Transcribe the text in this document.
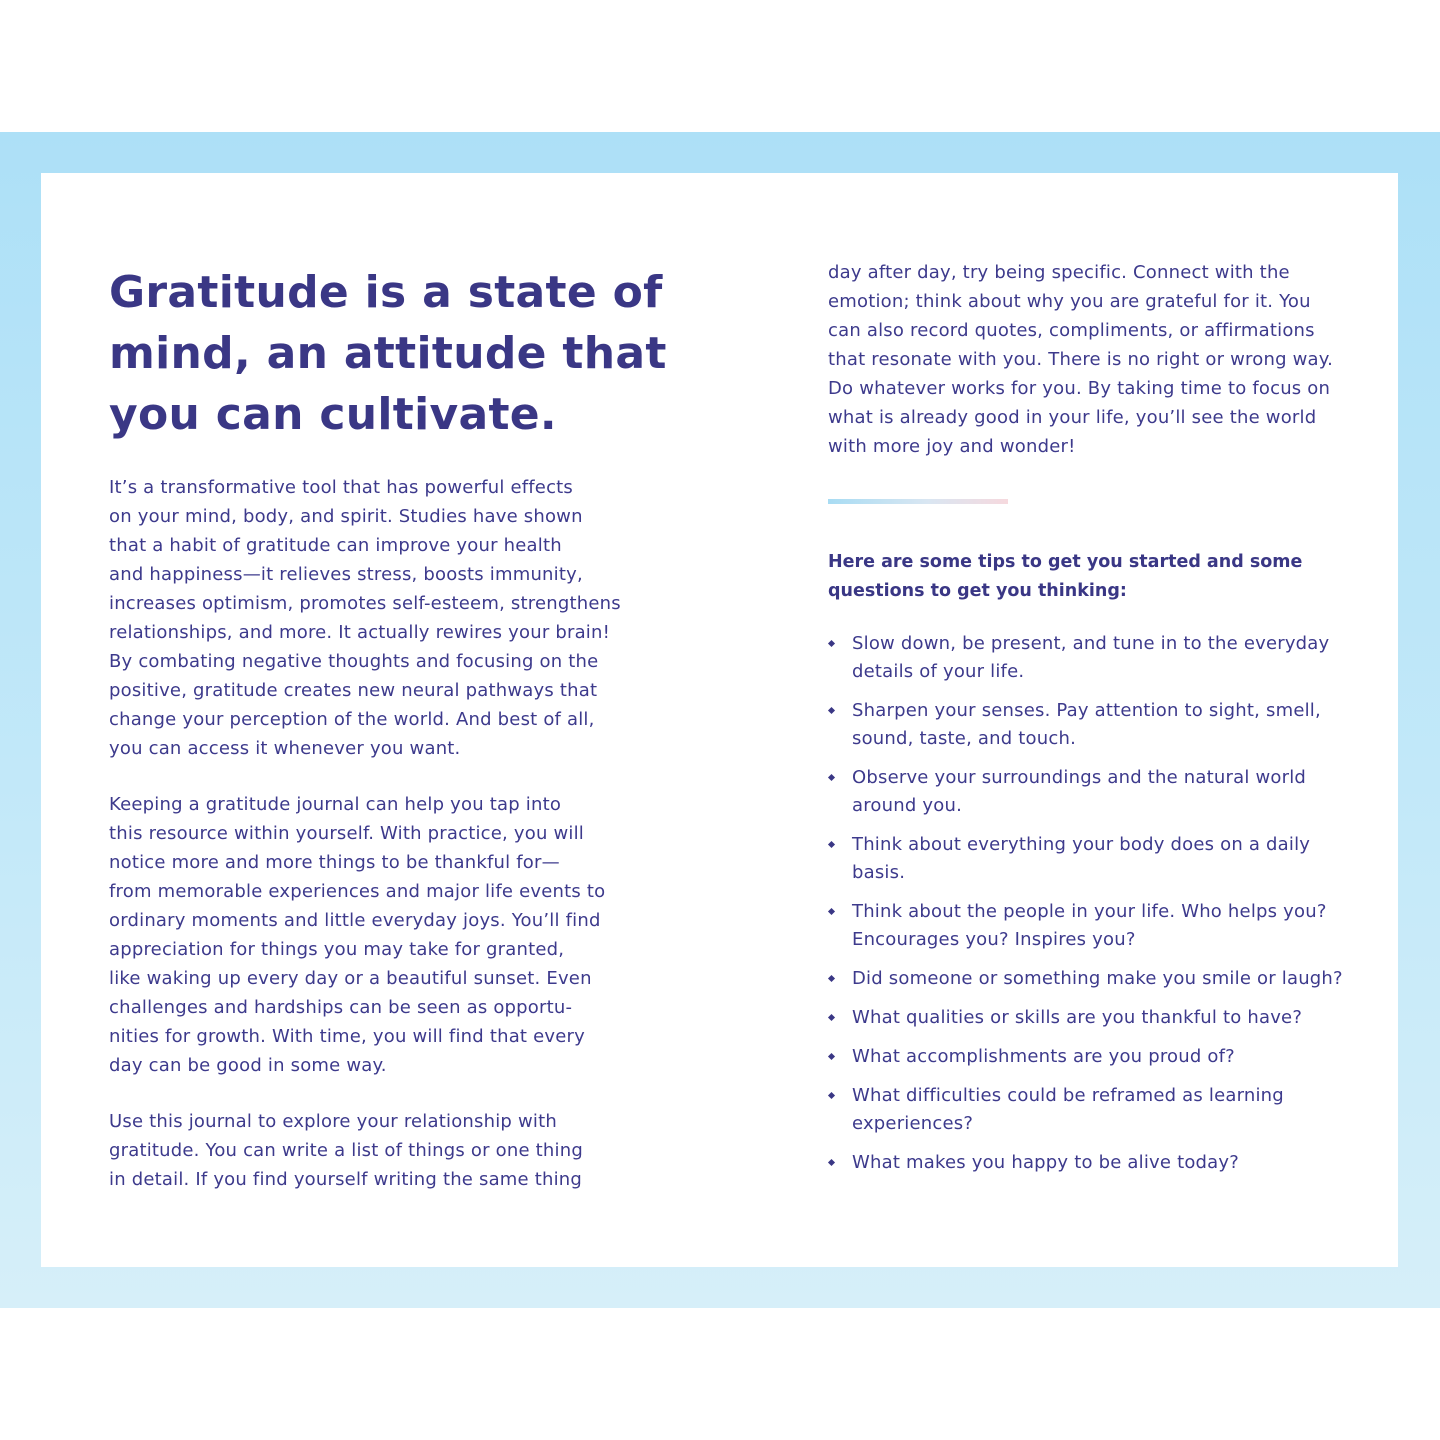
Gratitude is a state of
mind, an attitude that
you can cultivate.

It’s a transformative tool that has powerful effects
on your mind, body, and spirit. Studies have shown
that a habit of gratitude can improve your health
and happiness—it relieves stress, boosts immunity,
increases optimism, promotes self-esteem, strengthens
relationships, and more. It actually rewires your brain!
By combating negative thoughts and focusing on the
positive, gratitude creates new neural pathways that
change your perception of the world. And best of all,
you can access it whenever you want.

Keeping a gratitude journal can help you tap into
this resource within yourself. With practice, you will
notice more and more things to be thankful for—
from memorable experiences and major life events to
ordinary moments and little everyday joys. You’ll find
appreciation for things you may take for granted,
like waking up every day or a beautiful sunset. Even
challenges and hardships can be seen as opportu-
nities for growth. With time, you will find that every
day can be good in some way.

Use this journal to explore your relationship with
gratitude. You can write a list of things or one thing
in detail. If you find yourself writing the same thing

day after day, try being specific. Connect with the
emotion; think about why you are grateful for it. You
can also record quotes, compliments, or affirmations
that resonate with you. There is no right or wrong way.
Do whatever works for you. By taking time to focus on
what is already good in your life, you’ll see the world
with more joy and wonder!

Here are some tips to get you started and some
questions to get you thinking:

Slow down, be present, and tune in to the everyday
details of your life.
Sharpen your senses. Pay attention to sight, smell,
sound, taste, and touch.
Observe your surroundings and the natural world
around you.
Think about everything your body does on a daily
basis.
Think about the people in your life. Who helps you?
Encourages you? Inspires you?
Did someone or something make you smile or laugh?
What qualities or skills are you thankful to have?
What accomplishments are you proud of?
What difficulties could be reframed as learning
experiences?
What makes you happy to be alive today?
